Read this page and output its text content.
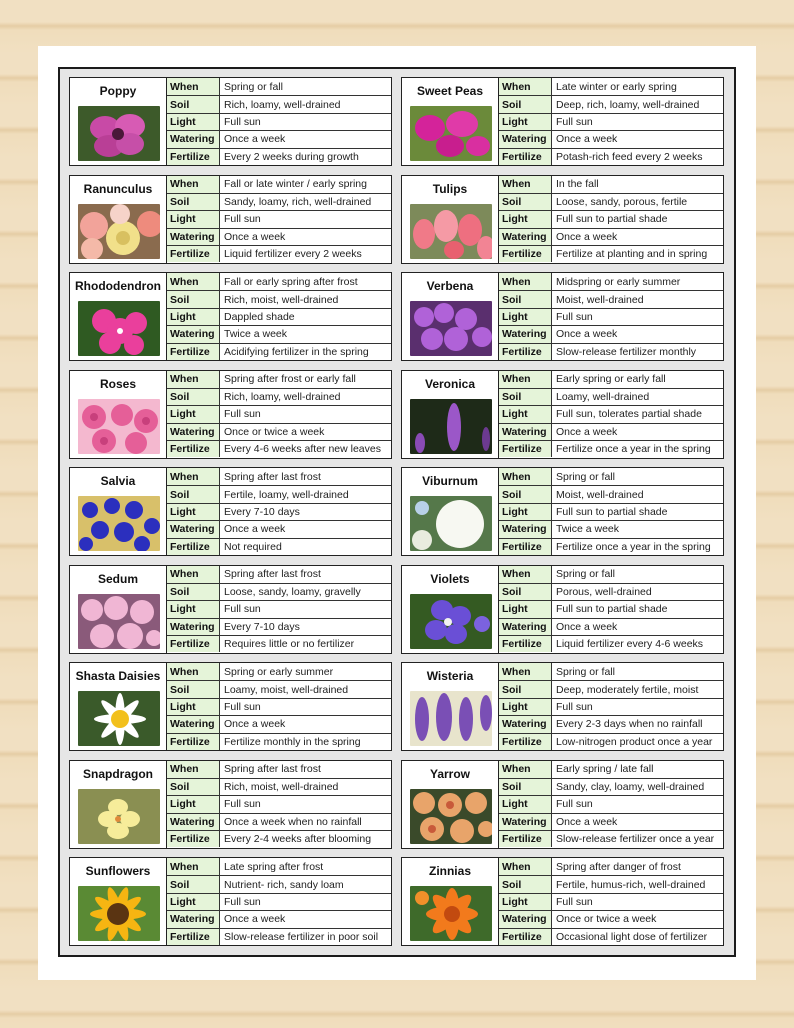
Poppy	When	Spring or fall
Soil	Rich, loamy, well-drained
Light	Full sun
Watering Once a week
Fertilize	Every 2 weeks during growth
Sweet Peas	When	Late winter or early spring
Soil	Deep, rich, loamy, well-drained
Light	Full sun
Watering Once a week
Fertilize	Potash-rich feed every 2 weeks
Ranunculus	When	Fall or late winter / early spring
Soil	Sandy, loamy, rich, well-drained
Light	Full sun
Watering Once a week
Fertilize	Liquid fertilizer every 2 weeks
Tulips	When	In the fall
Soil	Loose, sandy, porous, fertile
Light	Full sun to partial shade
Watering Once a week
Fertilize	Fertilize at planting and in spring
Rhododendron When	Fall or early spring after frost
Soil	Rich, moist, well-drained
Light	Dappled shade
Watering Twice a week
Fertilize	Acidifying fertilizer in the spring
Verbena	When	Midspring or early summer
Soil	Moist, well-drained
Light	Full sun
Watering Once a week
Fertilize	Slow-release fertilizer monthly
Roses	When	Spring after frost or early fall
Soil	Rich, loamy, well-drained
Light	Full sun
Watering Once or twice a week
Fertilize	Every 4-6 weeks after new leaves
Veronica	When	Early spring or early fall
Soil	Loamy, well-drained
Light	Full sun, tolerates partial shade
Watering Once a week
Fertilize	Fertilize once a year in the spring
Salvia	When	Spring after last frost
Soil	Fertile, loamy, well-drained
Light	Every 7-10 days
Watering Once a week
Fertilize	Not required
Viburnum	When	Spring or fall
Soil	Moist, well-drained
Light	Full sun to partial shade
Watering Twice a week
Fertilize	Fertilize once a year in the spring
Sedum	When	Spring after last frost
Soil	Loose, sandy, loamy, gravelly
Light	Full sun
Watering Every 7-10 days
Fertilize	Requires little or no fertilizer
Violets	When	Spring or fall
Soil	Porous, well-drained
Light	Full sun to partial shade
Watering Once a week
Fertilize	Liquid fertilizer every 4-6 weeks
Shasta Daisies When	Spring or early summer
Soil	Loamy, moist, well-drained
Light	Full sun
Watering Once a week
Fertilize	Fertilize monthly in the spring
Wisteria	When	Spring or fall
Soil	Deep, moderately fertile, moist
Light	Full sun
Watering Every 2-3 days when no rainfall
Fertilize	Low-nitrogen product once a year
Snapdragon	When	Spring after last frost
Soil	Rich, moist, well-drained
Light	Full sun
Watering Once a week when no rainfall
Fertilize	Every 2-4 weeks after blooming
Yarrow	When	Early spring / late fall
Soil	Sandy, clay, loamy, well-drained
Light	Full sun
Watering Once a week
Fertilize	Slow-release fertilizer once a year
Sunflowers	When	Late spring after frost
Soil	Nutrient- rich, sandy loam
Light	Full sun
Watering Once a week
Fertilize	Slow-release fertilizer in poor soil
Zinnias	When	Spring after danger of frost
Soil	Fertile, humus-rich, well-drained
Light	Full sun
Watering Once or twice a week
Fertilize	Occasional light dose of fertilizer
